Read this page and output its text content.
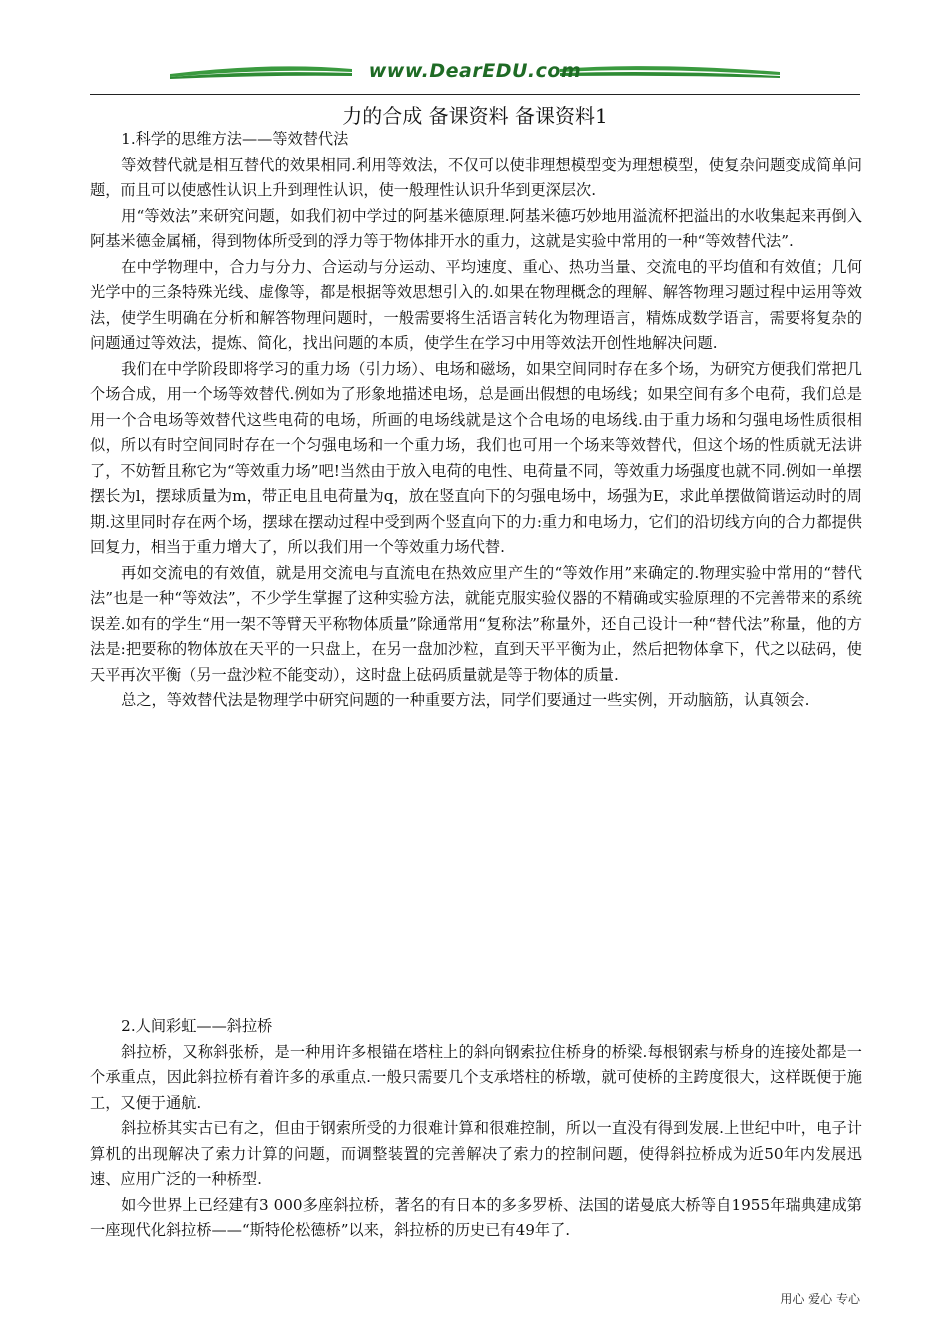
www.DearEDU.com
力的合成 备课资料 备课资料1
1.科学的思维方法——等效替代法

等效替代就是相互替代的效果相同.利用等效法，不仅可以使非理想模型变为理想模型，使复杂问题变成简单问题，而且可以使感性认识上升到理性认识，使一般理性认识升华到更深层次.

用“等效法”来研究问题，如我们初中学过的阿基米德原理.阿基米德巧妙地用溢流杯把溢出的水收集起来再倒入阿基米德金属桶，得到物体所受到的浮力等于物体排开水的重力，这就是实验中常用的一种“等效替代法”.

在中学物理中，合力与分力、合运动与分运动、平均速度、重心、热功当量、交流电的平均值和有效值；几何光学中的三条特殊光线、虚像等，都是根据等效思想引入的.如果在物理概念的理解、解答物理习题过程中运用等效法，使学生明确在分析和解答物理问题时，一般需要将生活语言转化为物理语言，精炼成数学语言，需要将复杂的问题通过等效法，提炼、简化，找出问题的本质，使学生在学习中用等效法开创性地解决问题.

我们在中学阶段即将学习的重力场（引力场）、电场和磁场，如果空间同时存在多个场，为研究方便我们常把几个场合成，用一个场等效替代.例如为了形象地描述电场，总是画出假想的电场线；如果空间有多个电荷，我们总是用一个合电场等效替代这些电荷的电场，所画的电场线就是这个合电场的电场线.由于重力场和匀强电场性质很相似，所以有时空间同时存在一个匀强电场和一个重力场，我们也可用一个场来等效替代，但这个场的性质就无法讲了，不妨暂且称它为“等效重力场”吧!当然由于放入电荷的电性、电荷量不同，等效重力场强度也就不同.例如一单摆摆长为l，摆球质量为m，带正电且电荷量为q，放在竖直向下的匀强电场中，场强为E，求此单摆做简谐运动时的周期.这里同时存在两个场，摆球在摆动过程中受到两个竖直向下的力:重力和电场力，它们的沿切线方向的合力都提供回复力，相当于重力增大了，所以我们用一个等效重力场代替.

再如交流电的有效值，就是用交流电与直流电在热效应里产生的“等效作用”来确定的.物理实验中常用的“替代法”也是一种“等效法”，不少学生掌握了这种实验方法，就能克服实验仪器的不精确或实验原理的不完善带来的系统误差.如有的学生“用一架不等臂天平称物体质量”除通常用“复称法”称量外，还自己设计一种“替代法”称量，他的方法是:把要称的物体放在天平的一只盘上，在另一盘加沙粒，直到天平平衡为止，然后把物体拿下，代之以砝码，使天平再次平衡（另一盘沙粒不能变动），这时盘上砝码质量就是等于物体的质量.

总之，等效替代法是物理学中研究问题的一种重要方法，同学们要通过一些实例，开动脑筋，认真领会.

2.人间彩虹——斜拉桥

斜拉桥，又称斜张桥，是一种用许多根锚在塔柱上的斜向钢索拉住桥身的桥梁.每根钢索与桥身的连接处都是一个承重点，因此斜拉桥有着许多的承重点.一般只需要几个支承塔柱的桥墩，就可使桥的主跨度很大，这样既便于施工，又便于通航.

斜拉桥其实古已有之，但由于钢索所受的力很难计算和很难控制，所以一直没有得到发展.上世纪中叶，电子计算机的出现解决了索力计算的问题，而调整装置的完善解决了索力的控制问题，使得斜拉桥成为近50年内发展迅速、应用广泛的一种桥型.

如今世界上已经建有3 000多座斜拉桥，著名的有日本的多多罗桥、法国的诺曼底大桥等自1955年瑞典建成第一座现代化斜拉桥——“斯特伦松德桥”以来，斜拉桥的历史已有49年了.

用心 爱心 专心
